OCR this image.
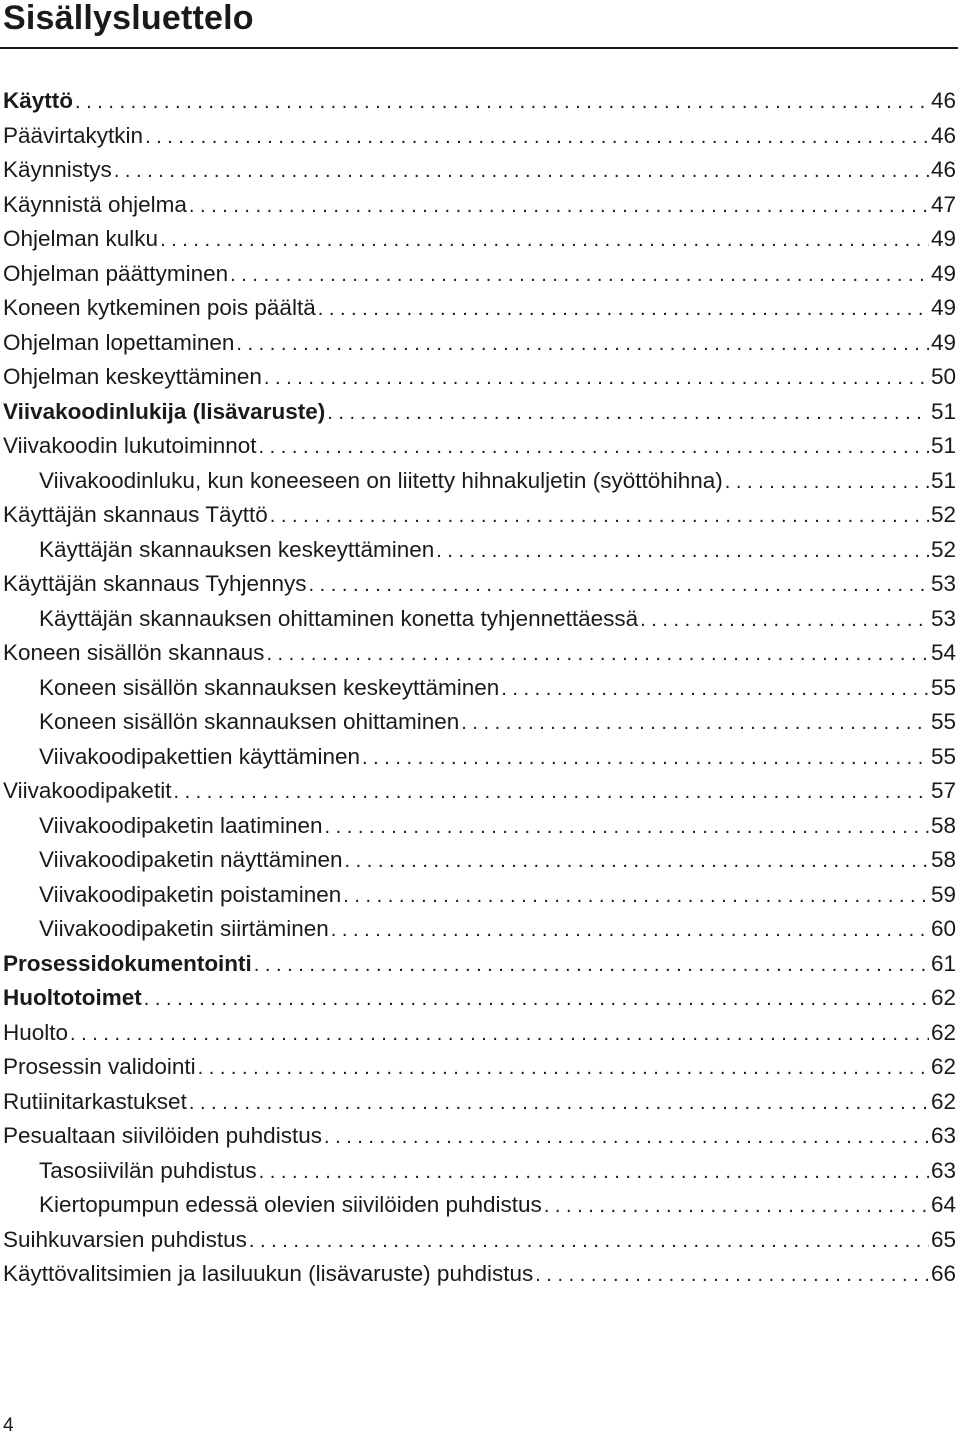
Sisällysluettelo
Käyttö . . .	46
Päävirtakytkin . . .	46
Käynnistys . . .	46
Käynnistä ohjelma . . .	47
Ohjelman kulku . . .	49
Ohjelman päättyminen . . .	49
Koneen kytkeminen pois päältä . . .	49
Ohjelman lopettaminen . . .	49
Ohjelman keskeyttäminen . . .	50
Viivakoodinlukija (lisävaruste) . . .	51
Viivakoodin lukutoiminnot . . .	51
Viivakoodinluku, kun koneeseen on liitetty hihnakuljetin (syöttöhihna) . . .	51
Käyttäjän skannaus Täyttö . . .	52
Käyttäjän skannauksen keskeyttäminen . . .	52
Käyttäjän skannaus Tyhjennys . . .	53
Käyttäjän skannauksen ohittaminen konetta tyhjennettäessä . . .	53
Koneen sisällön skannaus . . .	54
Koneen sisällön skannauksen keskeyttäminen . . .	55
Koneen sisällön skannauksen ohittaminen . . .	55
Viivakoodipakettien käyttäminen . . .	55
Viivakoodipaketit . . .	57
Viivakoodipaketin laatiminen . . .	58
Viivakoodipaketin näyttäminen . . .	58
Viivakoodipaketin poistaminen . . .	59
Viivakoodipaketin siirtäminen . . .	60
Prosessidokumentointi . . .	61
Huoltotoimet . . .	62
Huolto . . .	62
Prosessin validointi . . .	62
Rutiinitarkastukset . . .	62
Pesualtaan siivilöiden puhdistus . . .	63
Tasosiivilän puhdistus . . .	63
Kiertopumpun edessä olevien siivilöiden puhdistus . . .	64
Suihkuvarsien puhdistus . . .	65
Käyttövalitsimien ja lasiluukun (lisävaruste) puhdistus . . .	66
4
